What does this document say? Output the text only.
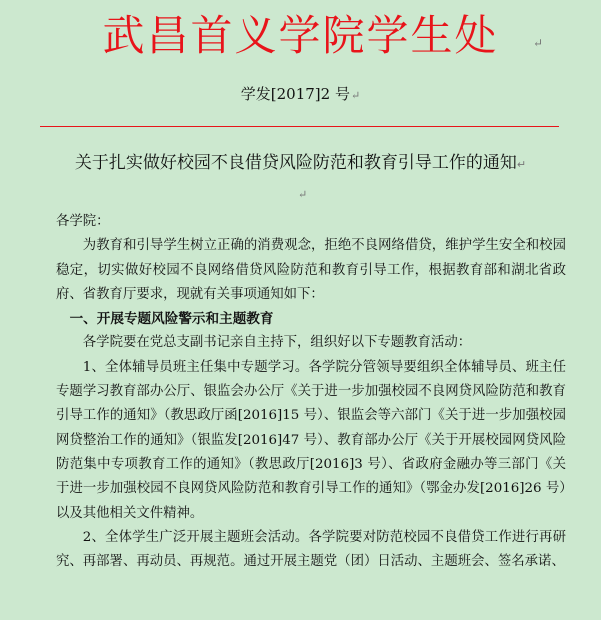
武昌首义学院学生处	↵
学发[2017]2 号↵
关于扎实做好校园不良借贷风险防范和教育引导工作的通知↵
↵

各学院：

为教育和引导学生树立正确的消费观念，拒绝不良网络借贷，维护学生安全和校园稳定，切实做好校园不良网络借贷风险防范和教育引导工作，根据教育部和湖北省政府、省教育厅要求，现就有关事项通知如下：

一、开展专题风险警示和主题教育

各学院要在党总支副书记亲自主持下，组织好以下专题教育活动：

1、全体辅导员班主任集中专题学习。各学院分管领导要组织全体辅导员、班主任专题学习教育部办公厅、银监会办公厅《关于进一步加强校园不良网贷风险防范和教育引导工作的通知》（教思政厅函[2016]15 号）、银监会等六部门《关于进一步加强校园网贷整治工作的通知》（银监发[2016]47 号）、教育部办公厅《关于开展校园网贷风险防范集中专项教育工作的通知》（教思政厅[2016]3 号）、省政府金融办等三部门《关于进一步加强校园不良网贷风险防范和教育引导工作的通知》（鄂金办发[2016]26 号）以及其他相关文件精神。

2、全体学生广泛开展主题班会活动。各学院要对防范校园不良借贷工作进行再研究、再部署、再动员、再规范。通过开展主题党（团）日活动、主题班会、签名承诺、
